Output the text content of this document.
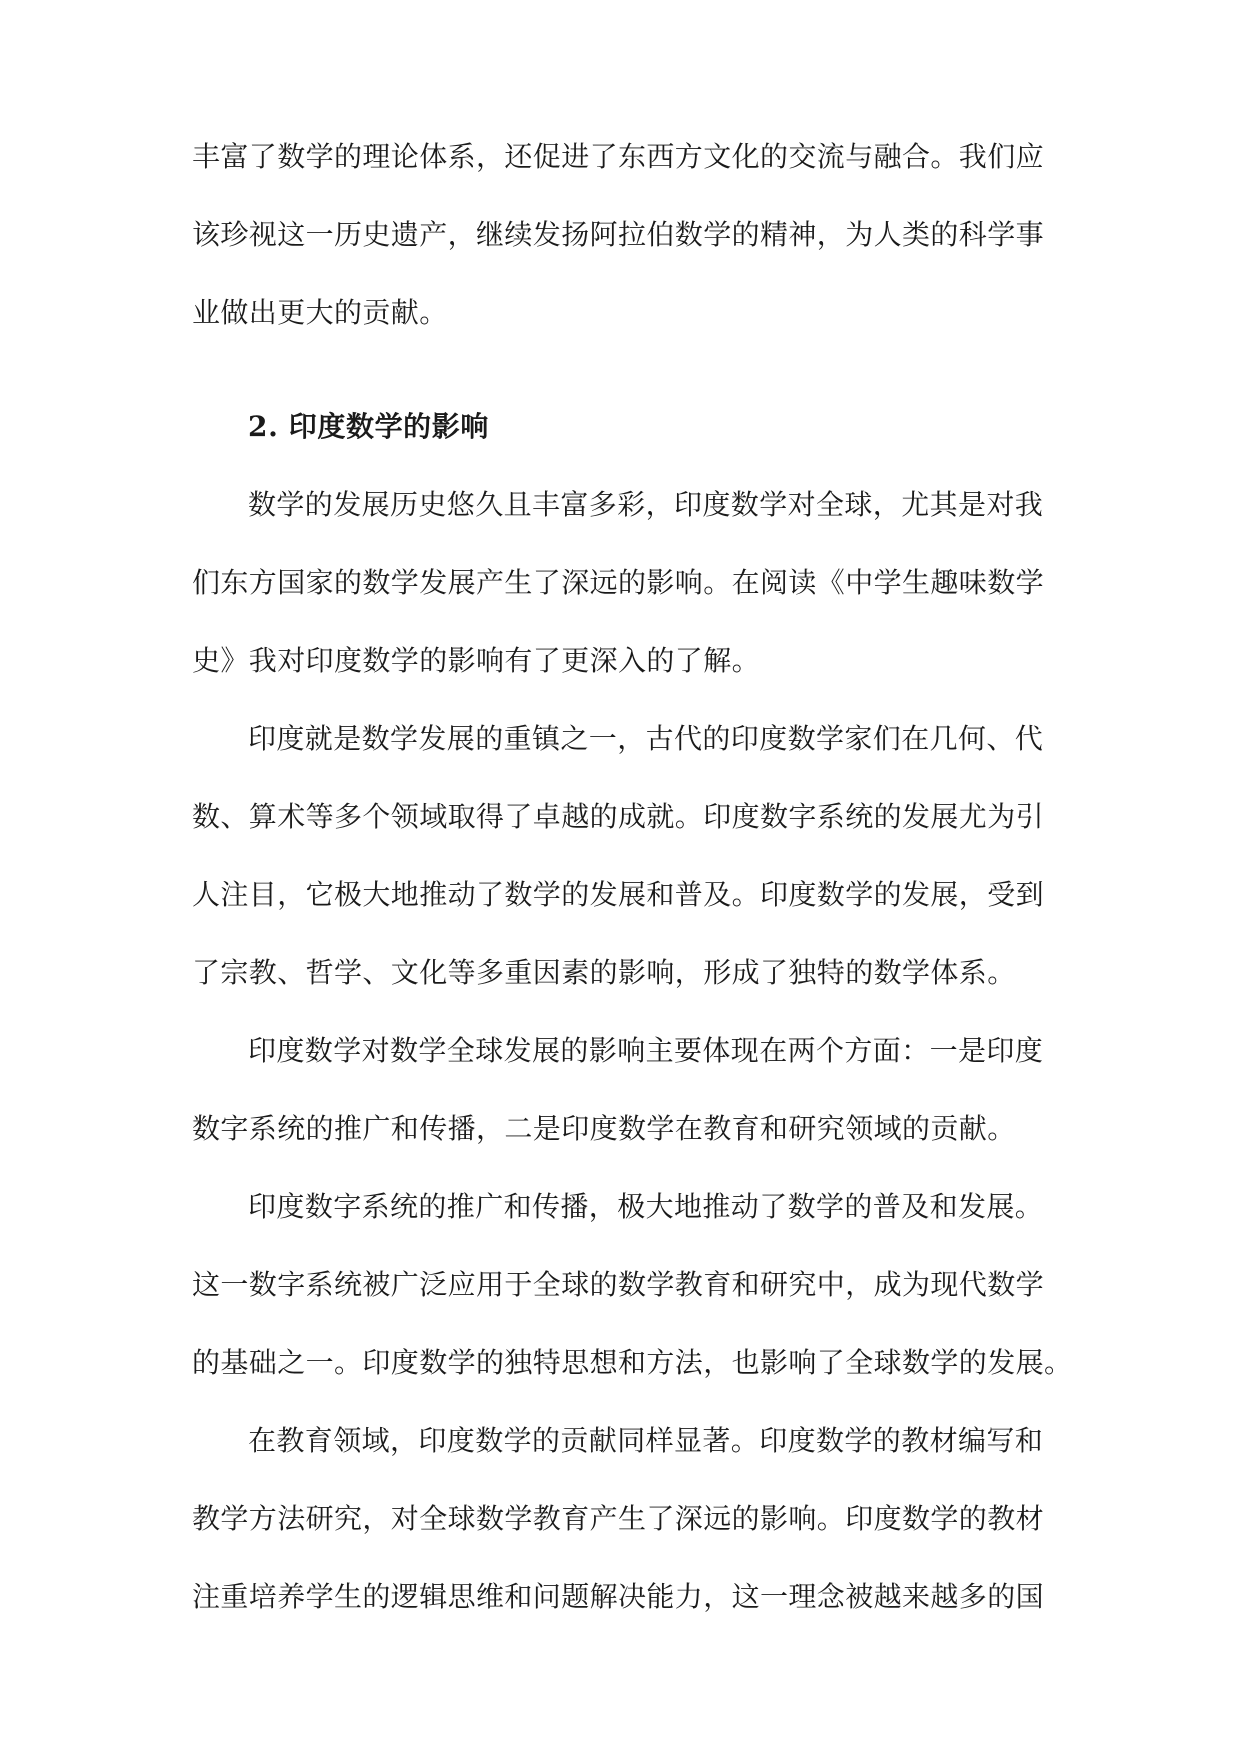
丰富了数学的理论体系，还促进了东西方文化的交流与融合。我们应
该珍视这一历史遗产，继续发扬阿拉伯数学的精神，为人类的科学事
业做出更大的贡献。
2. 印度数学的影响
数学的发展历史悠久且丰富多彩，印度数学对全球，尤其是对我
们东方国家的数学发展产生了深远的影响。在阅读《中学生趣味数学
史》我对印度数学的影响有了更深入的了解。
印度就是数学发展的重镇之一，古代的印度数学家们在几何、代
数、算术等多个领域取得了卓越的成就。印度数字系统的发展尤为引
人注目，它极大地推动了数学的发展和普及。印度数学的发展，受到
了宗教、哲学、文化等多重因素的影响，形成了独特的数学体系。
印度数学对数学全球发展的影响主要体现在两个方面：一是印度
数字系统的推广和传播，二是印度数学在教育和研究领域的贡献。
印度数字系统的推广和传播，极大地推动了数学的普及和发展。
这一数字系统被广泛应用于全球的数学教育和研究中，成为现代数学
的基础之一。印度数学的独特思想和方法，也影响了全球数学的发展。
在教育领域，印度数学的贡献同样显著。印度数学的教材编写和
教学方法研究，对全球数学教育产生了深远的影响。印度数学的教材
注重培养学生的逻辑思维和问题解决能力，这一理念被越来越多的国
